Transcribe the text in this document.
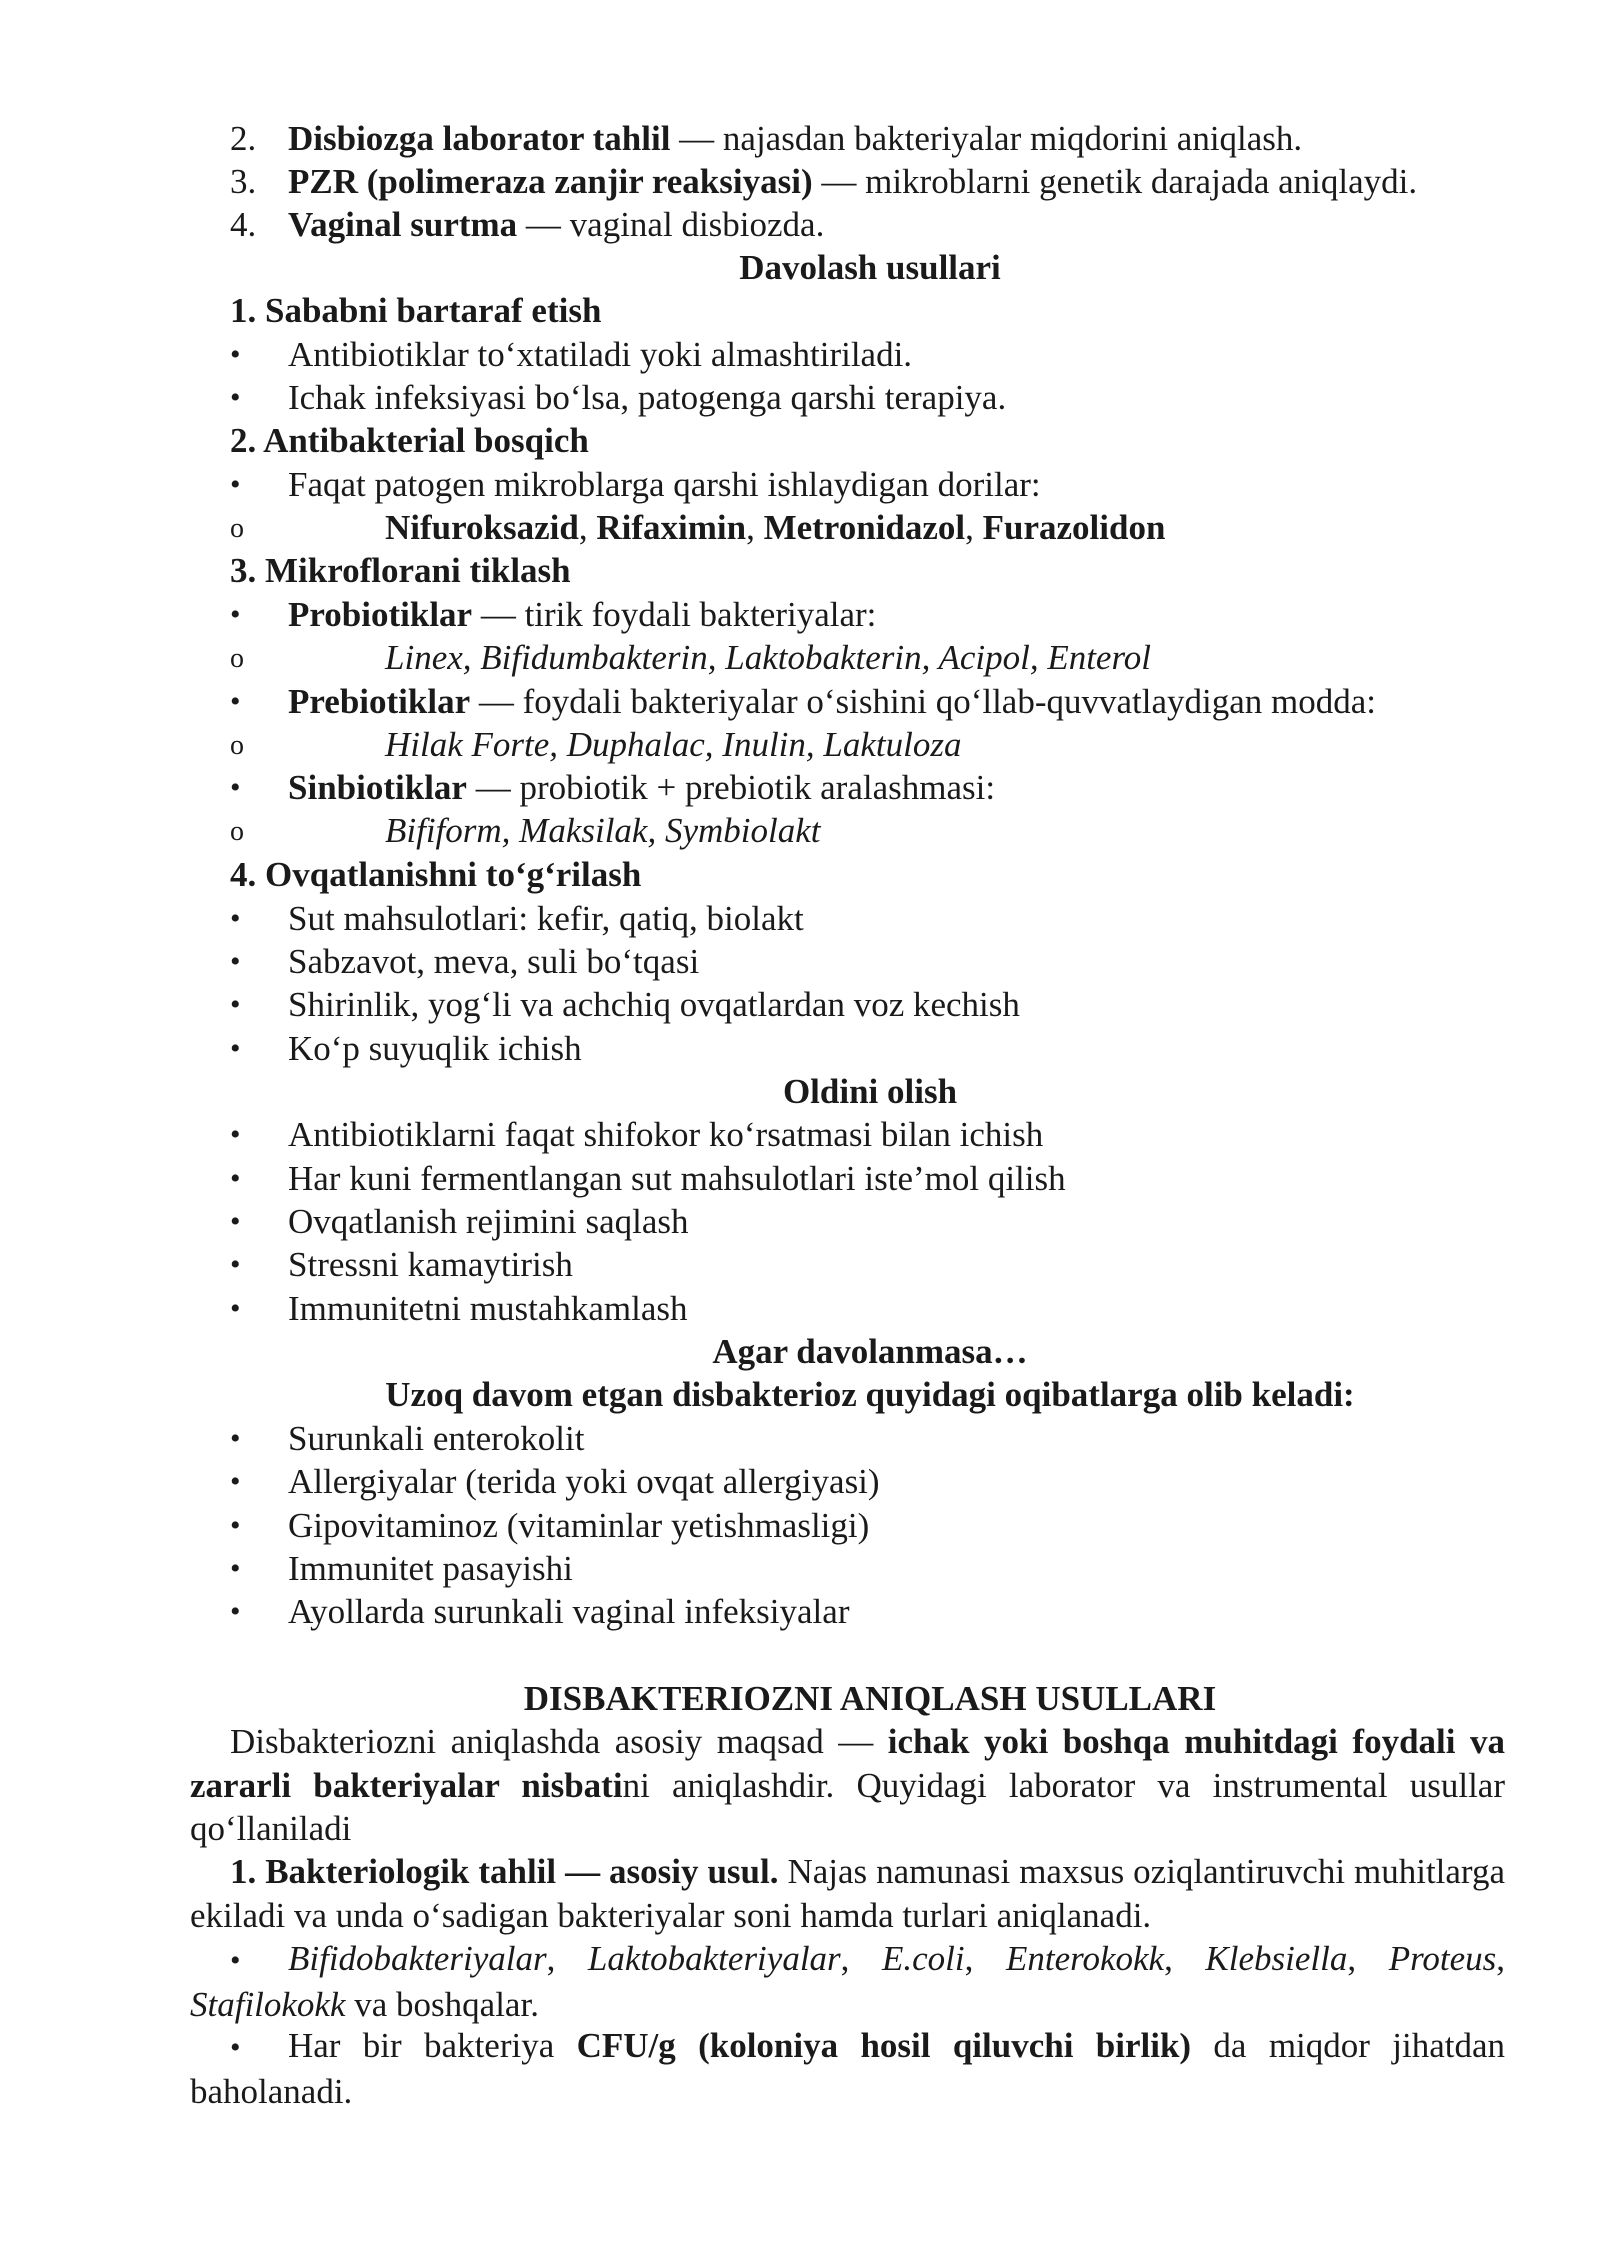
2. Disbiozga laborator tahlil — najasdan bakteriyalar miqdorini aniqlash.
3. PZR (polimeraza zanjir reaksiyasi) — mikroblarni genetik darajada aniqlaydi.
4. Vaginal surtma — vaginal disbiozda.
Davolash usullari
1. Sababni bartaraf etish
• Antibiotiklar to‘xtatiladi yoki almashtiriladi.
• Ichak infeksiyasi bo‘lsa, patogenga qarshi terapiya.
2. Antibakterial bosqich
• Faqat patogen mikroblarga qarshi ishlaydigan dorilar:
o	Nifuroksazid, Rifaximin, Metronidazol, Furazolidon
3. Mikroflorani tiklash
• Probiotiklar — tirik foydali bakteriyalar:
o	Linex, Bifidumbakterin, Laktobakterin, Acipol, Enterol
• Prebiotiklar — foydali bakteriyalar o‘sishini qo‘llab-quvvatlaydigan modda:
o	Hilak Forte, Duphalac, Inulin, Laktuloza
• Sinbiotiklar — probiotik + prebiotik aralashmasi:
o	Bifiform, Maksilak, Symbiolakt
4. Ovqatlanishni to‘g‘rilash
• Sut mahsulotlari: kefir, qatiq, biolakt
• Sabzavot, meva, suli bo‘tqasi
• Shirinlik, yog‘li va achchiq ovqatlardan voz kechish
• Ko‘p suyuqlik ichish
Oldini olish
• Antibiotiklarni faqat shifokor ko‘rsatmasi bilan ichish
• Har kuni fermentlangan sut mahsulotlari iste’mol qilish
• Ovqatlanish rejimini saqlash
• Stressni kamaytirish
• Immunitetni mustahkamlash
Agar davolanmasa…
Uzoq davom etgan disbakterioz quyidagi oqibatlarga olib keladi:
• Surunkali enterokolit
• Allergiyalar (terida yoki ovqat allergiyasi)
• Gipovitaminoz (vitaminlar yetishmasligi)
• Immunitet pasayishi
• Ayollarda surunkali vaginal infeksiyalar
DISBAKTERIOZNI ANIQLASH USULLARI
Disbakteriozni aniqlashda asosiy maqsad — ichak yoki boshqa muhitdagi foydali va zararli bakteriyalar nisbatini aniqlashdir. Quyidagi laborator va instrumental usullar qo‘llaniladi
1. Bakteriologik tahlil — asosiy usul. Najas namunasi maxsus oziqlantiruvchi muhitlarga ekiladi va unda o‘sadigan bakteriyalar soni hamda turlari aniqlanadi.
• Bifidobakteriyalar, Laktobakteriyalar, E.coli, Enterokokk, Klebsiella, Proteus, Stafilokokk va boshqalar.
• Har bir bakteriya CFU/g (koloniya hosil qiluvchi birlik) da miqdor jihatdan baholanadi.
